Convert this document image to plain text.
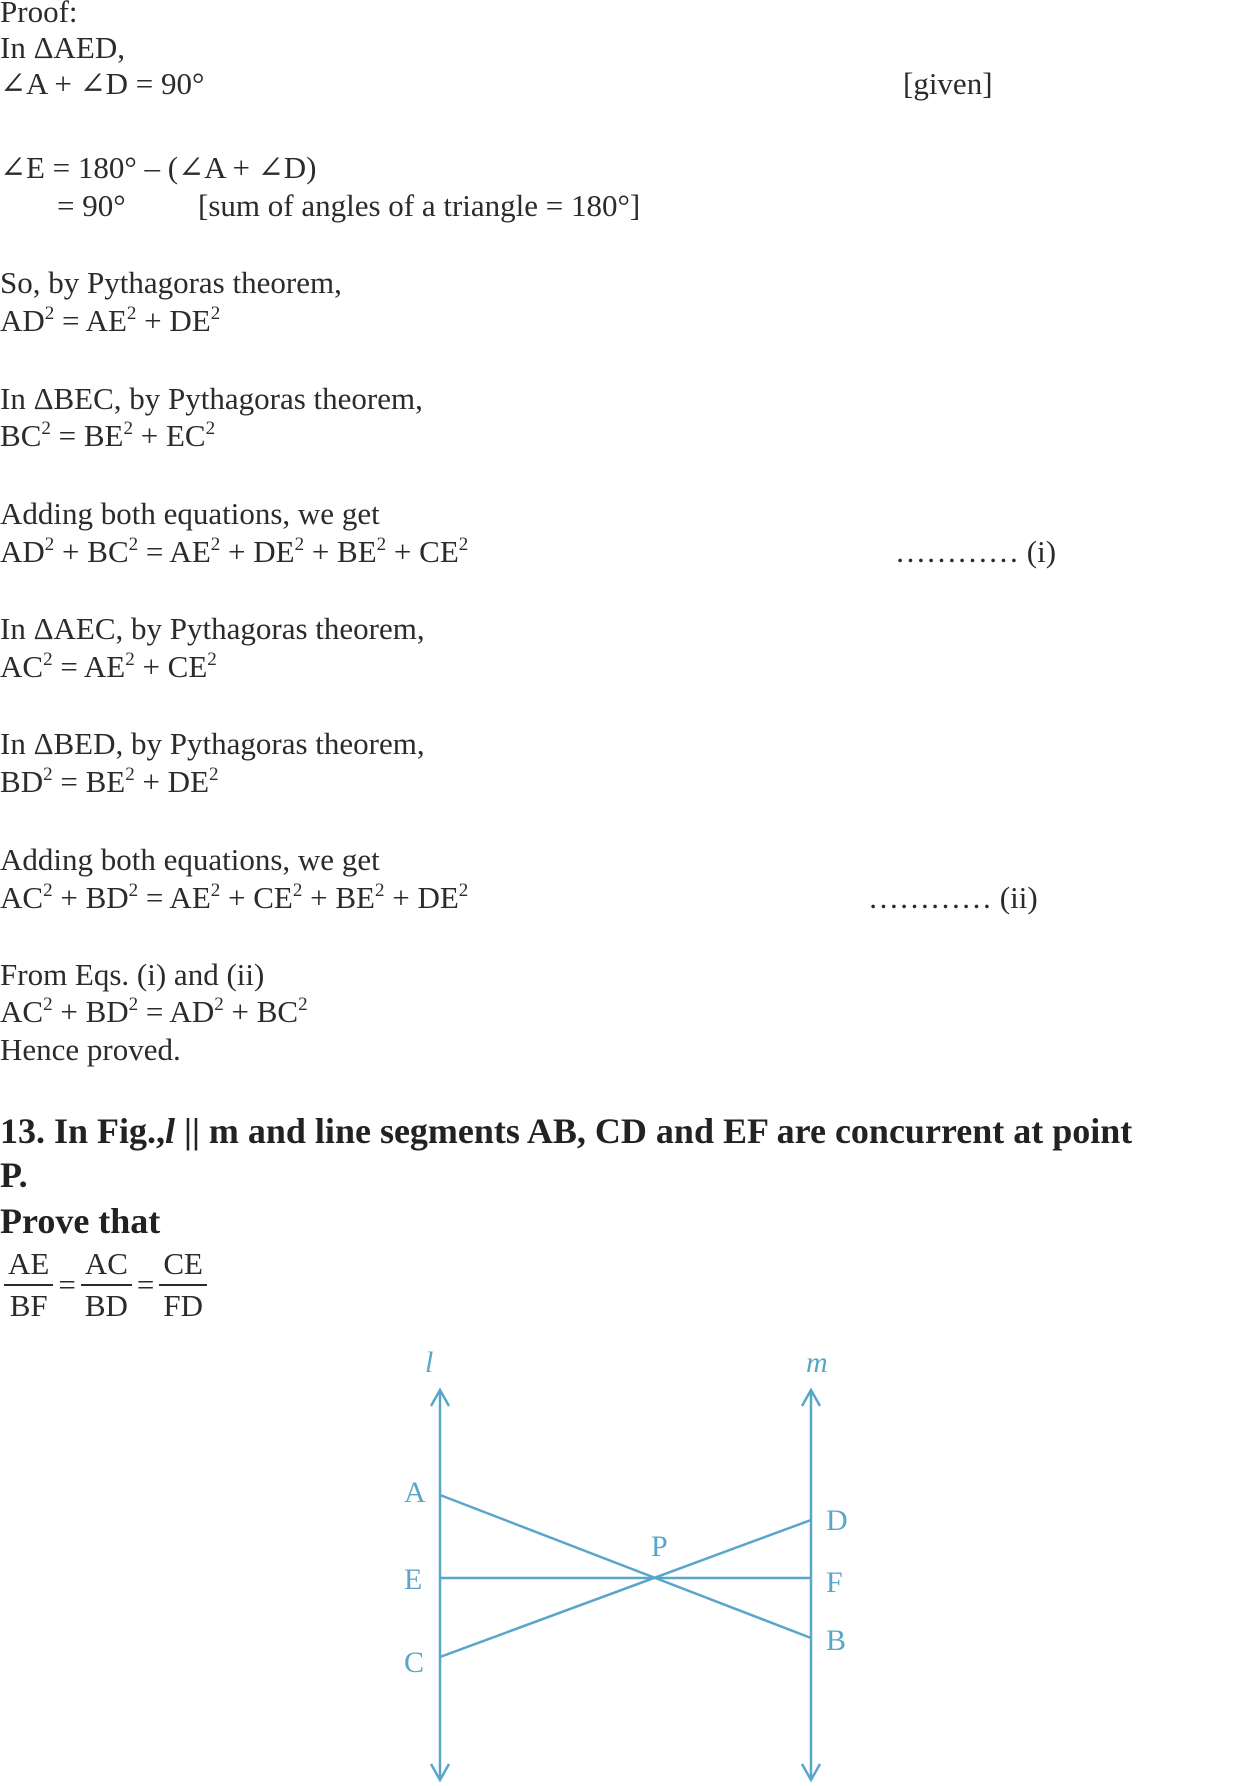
Proof:
In ΔAED,
∠A + ∠D = 90°	[given]
∠E = 180° – (∠A + ∠D)
= 90° [sum of angles of a triangle = 180°]
So, by Pythagoras theorem,
$AD^2 = AE^2 + DE^2$
In ΔBEC, by Pythagoras theorem,
$BC^2 = BE^2 + EC^2$
Adding both equations, we get
$AD^2 + BC^2 = AE^2 + DE^2 + BE^2 + CE^2$	………… (i)
In ΔAEC, by Pythagoras theorem,
$AC^2 = AE^2 + CE^2$
In ΔBED, by Pythagoras theorem,
$BD^2 = BE^2 + DE^2$
Adding both equations, we get
$AC^2 + BD^2 = AE^2 + CE^2 + BE^2 + DE^2$	………… (ii)
From Eqs. (i) and (ii)
$AC^2 + BD^2 = AD^2 + BC^2$
Hence proved.
13. In Fig.,l || m and line segments AB, CD and EF are concurrent at point
P.
Prove that
$\frac{AE}{BF} = \frac{AC}{BD} = \frac{CE}{FD}$
l	m
A
E
C
P
D
F
B
